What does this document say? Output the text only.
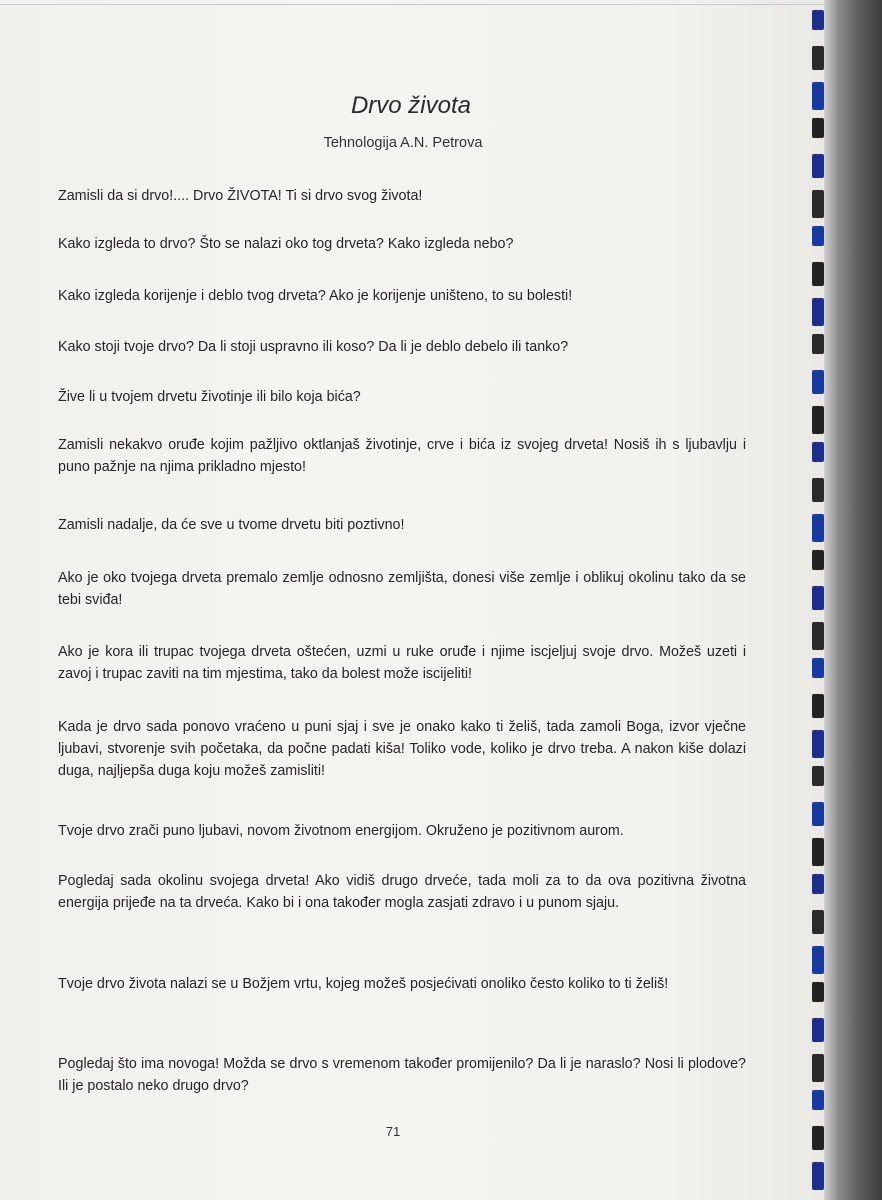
Drvo života

Tehnologija A.N. Petrova

Zamisli da si drvo!.... Drvo ŽIVOTA! Ti si drvo svog života!

Kako izgleda to drvo? Što se nalazi oko tog drveta? Kako izgleda nebo?

Kako izgleda korijenje i deblo tvog drveta? Ako je korijenje uništeno, to su bolesti!

Kako stoji tvoje drvo? Da li stoji uspravno ili koso? Da li je deblo debelo ili tanko?

Žive li u tvojem drvetu životinje ili bilo koja bića?

Zamisli nekakvo oruđe kojim pažljivo oktlanjaš životinje, crve i bića iz svojeg drveta! Nosiš ih s ljubavlju i puno pažnje na njima prikladno mjesto!

Zamisli nadalje, da će sve u tvome drvetu biti poztivno!

Ako je oko tvojega drveta premalo zemlje odnosno zemljišta, donesi više zemlje i oblikuj okolinu tako da se tebi sviđa!

Ako je kora ili trupac tvojega drveta oštećen, uzmi u ruke oruđe i njime iscjeljuj svoje drvo. Možeš uzeti i zavoj i trupac zaviti na tim mjestima, tako da bolest može iscijeliti!

Kada je drvo sada ponovo vraćeno u puni sjaj i sve je onako kako ti želiš, tada zamoli Boga, izvor vječne ljubavi, stvorenje svih početaka, da počne padati kiša! Toliko vode, koliko je drvo treba. A nakon kiše dolazi duga, najljepša duga koju možeš zamisliti!

Tvoje drvo zrači puno ljubavi, novom životnom energijom. Okruženo je pozitivnom aurom.

Pogledaj sada okolinu svojega drveta! Ako vidiš drugo drveće, tada moli za to da ova pozitivna životna energija prijeđe na ta drveća. Kako bi i ona također mogla zasjati zdravo i u punom sjaju.

Tvoje drvo života nalazi se u Božjem vrtu, kojeg možeš posjećivati onoliko često koliko to ti želiš!

Pogledaj što ima novoga! Možda se drvo s vremenom također promijenilo? Da li je naraslo? Nosi li plodove? Ili je postalo neko drugo drvo?

71
